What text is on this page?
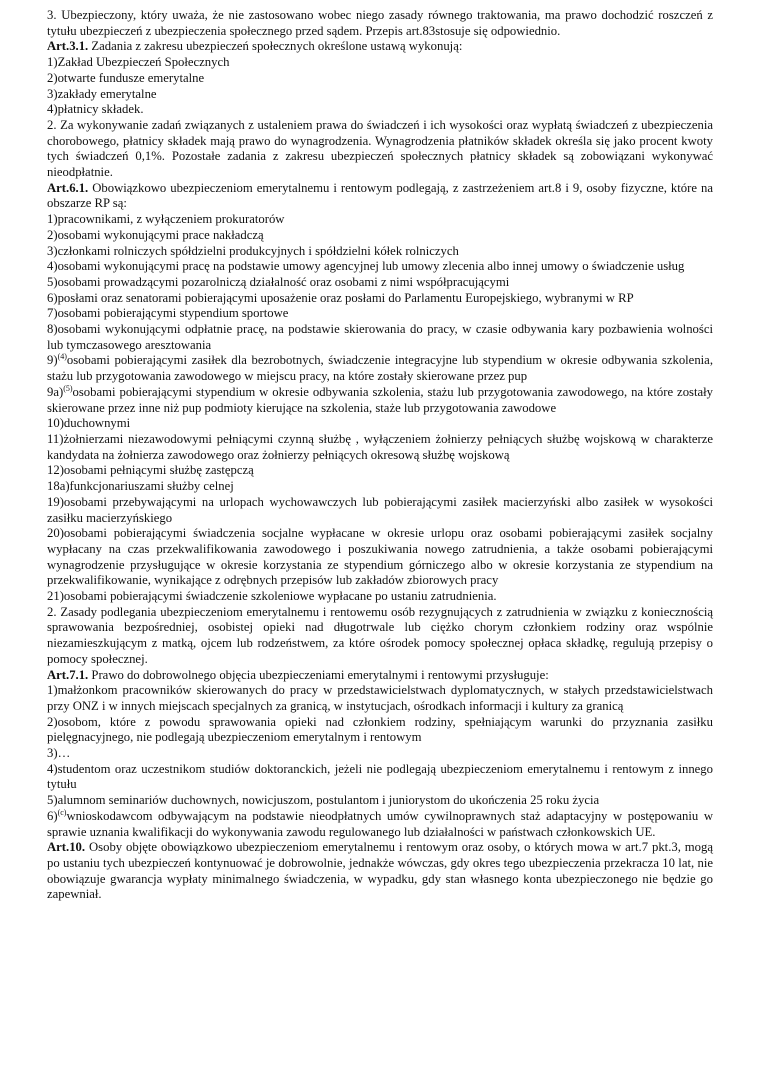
3. Ubezpieczony, który uważa, że nie zastosowano wobec niego zasady równego traktowania, ma prawo dochodzić roszczeń z tytułu ubezpieczeń z ubezpieczenia społecznego przed sądem. Przepis art.83stosuje się odpowiednio.

Art.3.1. Zadania z zakresu ubezpieczeń społecznych określone ustawą wykonują:

1)Zakład Ubezpieczeń Społecznych

2)otwarte fundusze emerytalne

3)zakłady emerytalne

4)płatnicy składek.

2. Za wykonywanie zadań związanych z ustaleniem prawa do świadczeń i ich wysokości oraz wypłatą świadczeń z ubezpieczenia chorobowego, płatnicy składek mają prawo do wynagrodzenia. Wynagrodzenia płatników składek określa się jako procent kwoty tych świadczeń 0,1%. Pozostałe zadania z zakresu ubezpieczeń społecznych płatnicy składek są zobowiązani wykonywać nieodpłatnie.

Art.6.1. Obowiązkowo ubezpieczeniom emerytalnemu i rentowym podlegają, z zastrzeżeniem art.8 i 9, osoby fizyczne, które na obszarze RP są:

1)pracownikami, z wyłączeniem prokuratorów

2)osobami wykonującymi prace nakładczą

3)członkami rolniczych spółdzielni produkcyjnych i spółdzielni kółek rolniczych

4)osobami wykonującymi pracę na podstawie umowy agencyjnej lub umowy zlecenia albo innej umowy o świadczenie usług

5)osobami prowadzącymi pozarolniczą działalność oraz osobami z nimi współpracującymi

6)posłami oraz senatorami pobierającymi uposażenie oraz posłami do Parlamentu Europejskiego, wybranymi w RP

7)osobami pobierającymi stypendium sportowe

8)osobami wykonującymi odpłatnie pracę, na podstawie skierowania do pracy, w czasie odbywania kary pozbawienia wolności lub tymczasowego aresztowania

9)$^{(4)}$osobami pobierającymi zasiłek dla bezrobotnych, świadczenie integracyjne lub stypendium w okresie odbywania szkolenia, stażu lub przygotowania zawodowego w miejscu pracy, na które zostały skierowane przez pup

9a)$^{(5)}$osobami pobierającymi stypendium w okresie odbywania szkolenia, stażu lub przygotowania zawodowego, na które zostały skierowane przez inne niż pup podmioty kierujące na szkolenia, staże lub przygotowania zawodowe

10)duchownymi

11)żołnierzami niezawodowymi pełniącymi czynną służbę , wyłączeniem żołnierzy pełniących służbę wojskową w charakterze kandydata na żołnierza zawodowego oraz żołnierzy pełniących okresową służbę wojskową

12)osobami pełniącymi służbę zastępczą

18a)funkcjonariuszami służby celnej

19)osobami przebywającymi na urlopach wychowawczych lub pobierającymi zasiłek macierzyński albo zasiłek w wysokości zasiłku macierzyńskiego

20)osobami pobierającymi świadczenia socjalne wypłacane w okresie urlopu oraz osobami pobierającymi zasiłek socjalny wypłacany na czas przekwalifikowania zawodowego i poszukiwania nowego zatrudnienia, a także osobami pobierającymi wynagrodzenie przysługujące w okresie korzystania ze stypendium górniczego albo w okresie korzystania ze stypendium na przekwalifikowanie, wynikające z odrębnych przepisów lub zakładów zbiorowych pracy

21)osobami pobierającymi świadczenie szkoleniowe wypłacane po ustaniu zatrudnienia.

2. Zasady podlegania ubezpieczeniom emerytalnemu i rentowemu osób rezygnujących z zatrudnienia w związku z koniecznością sprawowania bezpośredniej, osobistej opieki nad długotrwale lub ciężko chorym członkiem rodziny oraz wspólnie niezamieszkującym z matką, ojcem lub rodzeństwem, za które ośrodek pomocy społecznej opłaca składkę, regulują przepisy o pomocy społecznej.

Art.7.1. Prawo do dobrowolnego objęcia ubezpieczeniami emerytalnymi i rentowymi przysługuje:

1)małżonkom pracowników skierowanych do pracy w przedstawicielstwach dyplomatycznych, w stałych przedstawicielstwach przy ONZ i w innych miejscach specjalnych za granicą, w instytucjach, ośrodkach informacji i kultury za granicą

2)osobom, które z powodu sprawowania opieki nad członkiem rodziny, spełniającym warunki do przyznania zasiłku pielęgnacyjnego, nie podlegają ubezpieczeniom emerytalnym i rentowym

3)…

4)studentom oraz uczestnikom studiów doktoranckich, jeżeli nie podlegają ubezpieczeniom emerytalnemu i rentowym z innego tytułu

5)alumnom seminariów duchownych, nowicjuszom, postulantom i juniorystom do ukończenia 25 roku życia

6)$^{(c)}$wnioskodawcom odbywającym na podstawie nieodpłatnych umów cywilnoprawnych staż adaptacyjny w postępowaniu w sprawie uznania kwalifikacji do wykonywania zawodu regulowanego lub działalności w państwach członkowskich UE.

Art.10. Osoby objęte obowiązkowo ubezpieczeniom emerytalnemu i rentowym oraz osoby, o których mowa w art.7 pkt.3, mogą po ustaniu tych ubezpieczeń kontynuować je dobrowolnie, jednakże wówczas, gdy okres tego ubezpieczenia przekracza 10 lat, nie obowiązuje gwarancja wypłaty minimalnego świadczenia, w wypadku, gdy stan własnego konta ubezpieczonego nie będzie go zapewniał.
